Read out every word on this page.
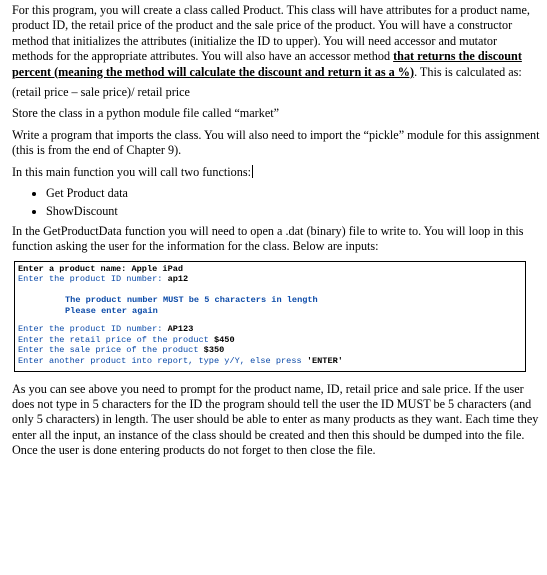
For this program, you will create a class called Product. This class will have attributes for a product name, product ID, the retail price of the product and the sale price of the product. You will have a constructor method that initializes the attributes (initialize the ID to upper). You will need accessor and mutator methods for the appropriate attributes. You will also have an accessor method that returns the discount percent (meaning the method will calculate the discount and return it as a %). This is calculated as:

(retail price – sale price)/ retail price

Store the class in a python module file called “market”

Write a program that imports the class. You will also need to import the “pickle” module for this assignment (this is from the end of Chapter 9).

In this main function you will call two functions:

• Get Product data
• ShowDiscount

In the GetProductData function you will need to open a .dat (binary) file to write to. You will loop in this function asking the user for the information for the class. Below are inputs:

Enter a product name: Apple iPad
Enter the product ID number: ap12
The product number MUST be 5 characters in length
Please enter again
Enter the product ID number: AP123
Enter the retail price of the product $450
Enter the sale price of the product $350
Enter another product into report, type y/Y, else press 'ENTER'

As you can see above you need to prompt for the product name, ID, retail price and sale price. If the user does not type in 5 characters for the ID the program should tell the user the ID MUST be 5 characters (and only 5 characters) in length. The user should be able to enter as many products as they want. Each time they enter all the input, an instance of the class should be created and then this should be dumped into the file. Once the user is done entering products do not forget to then close the file.
